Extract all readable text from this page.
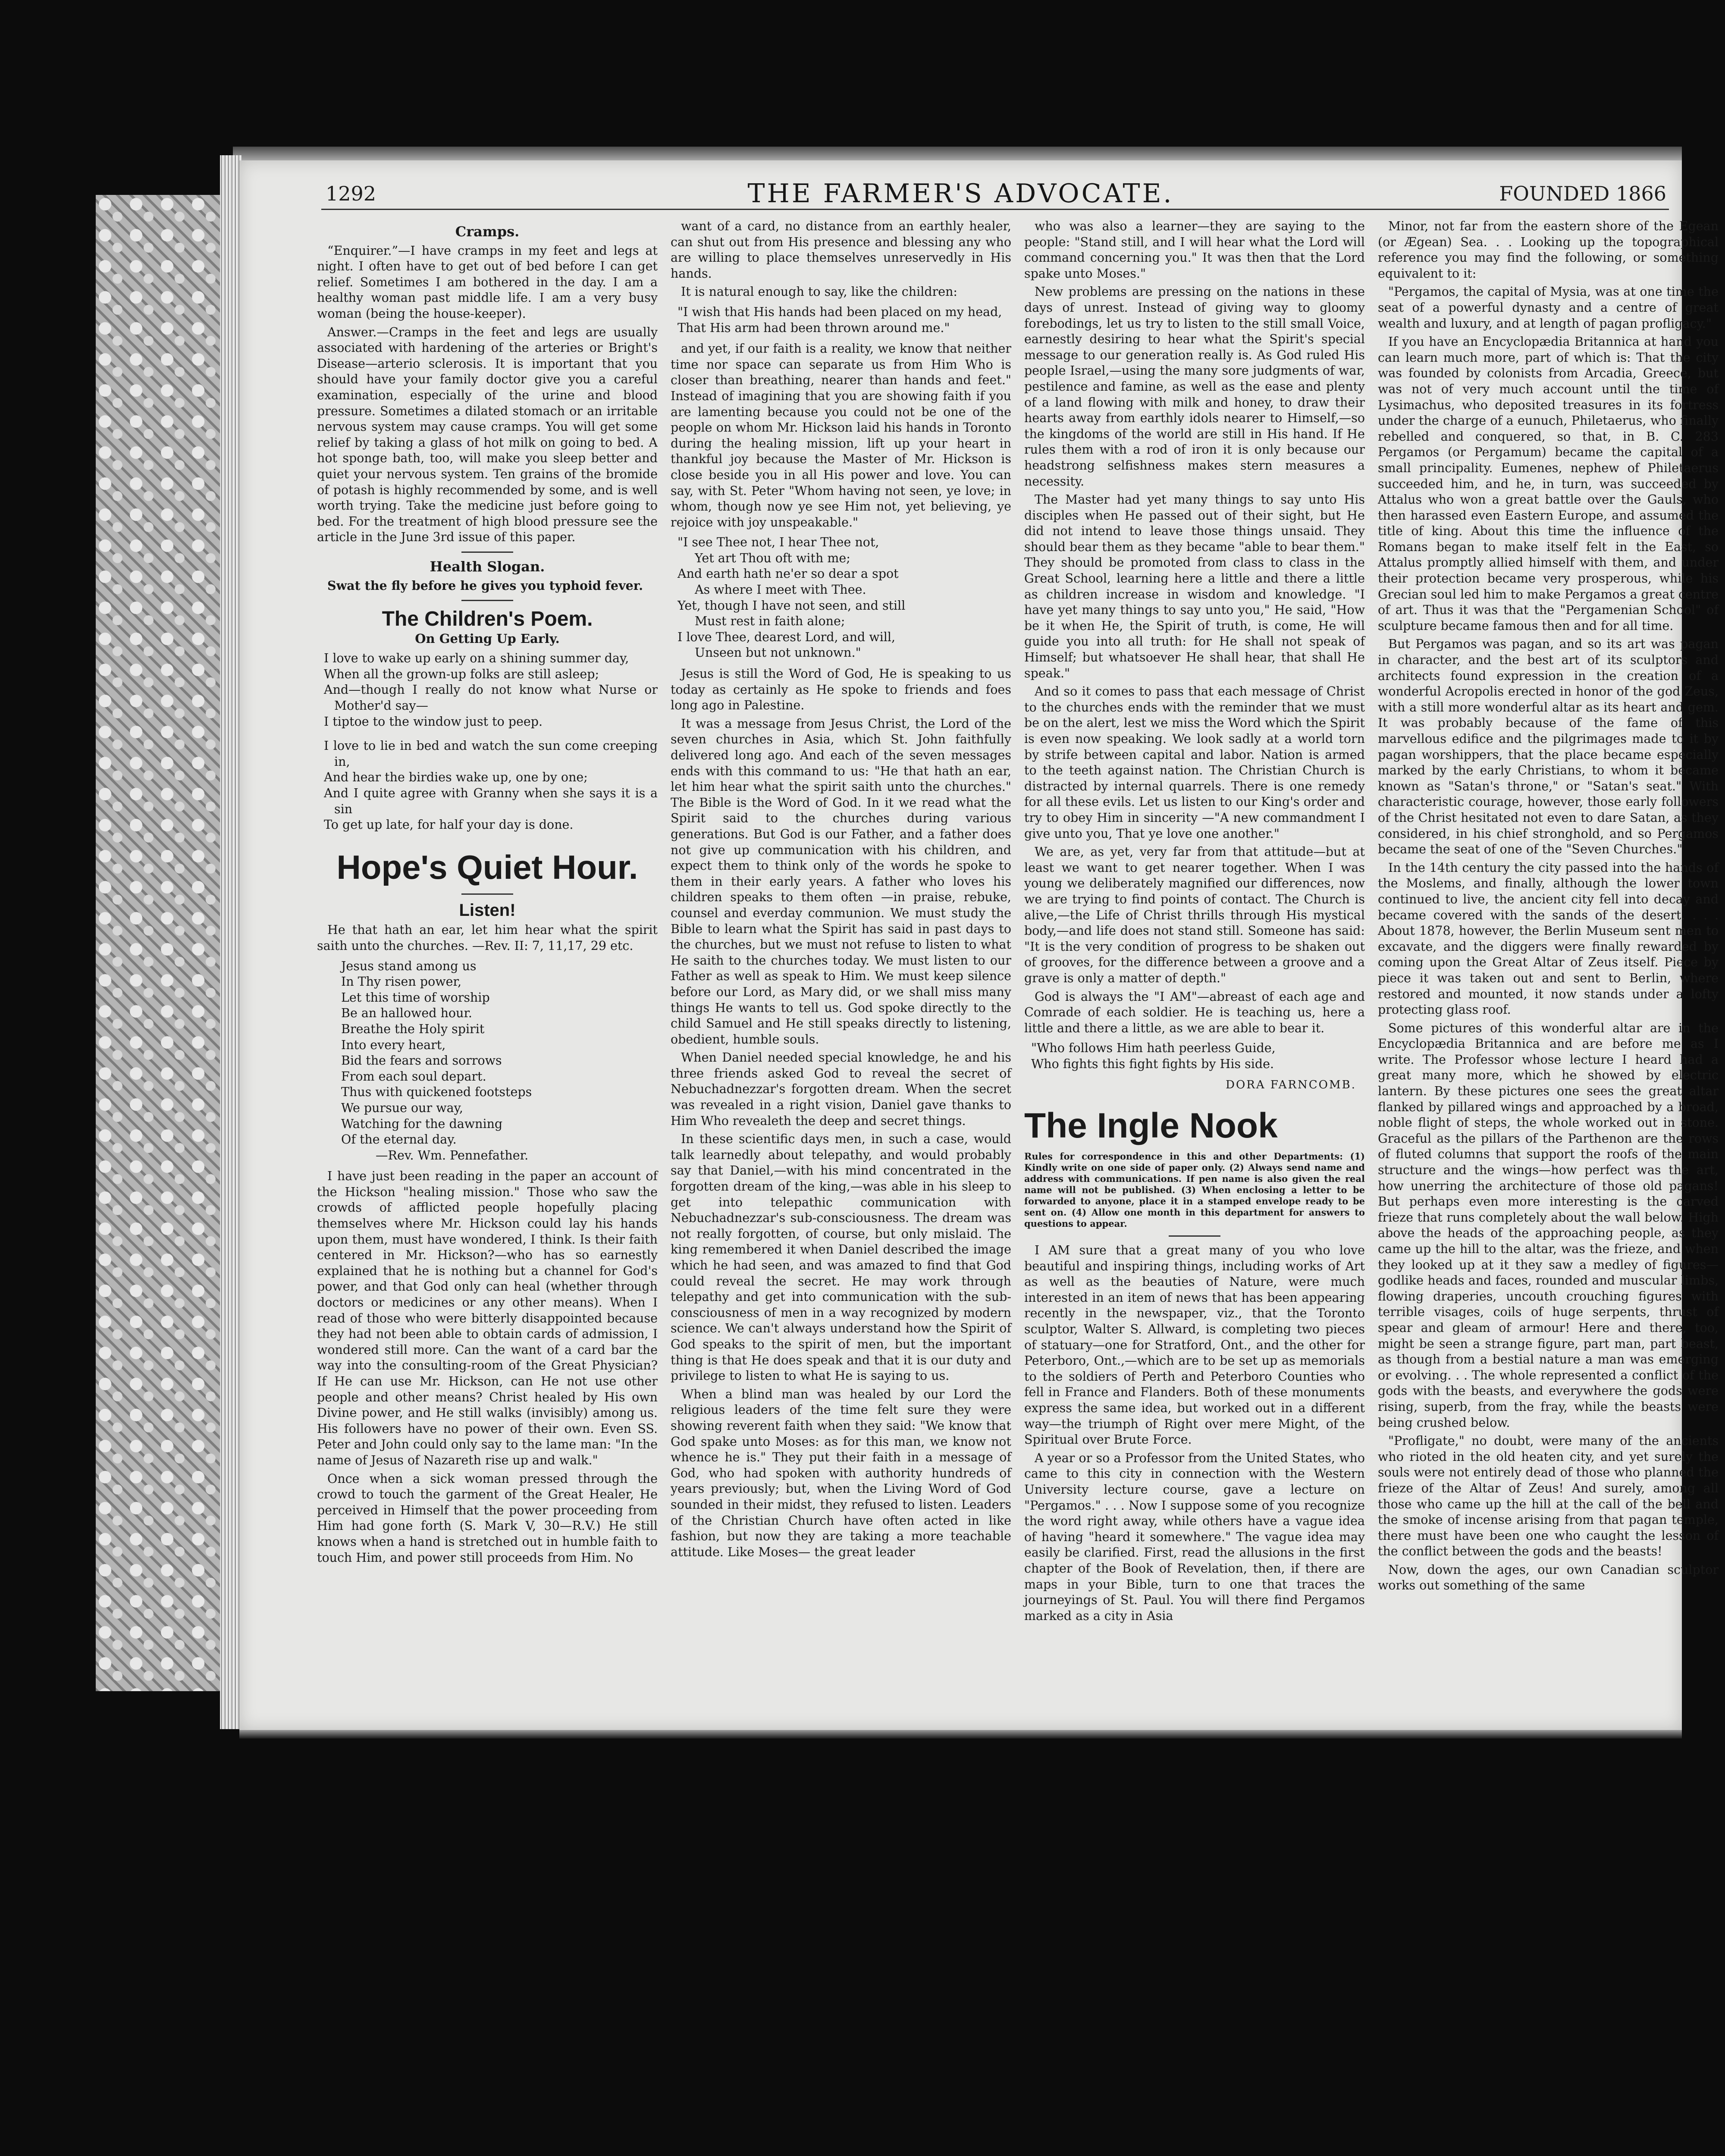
1292	THE FARMER'S ADVOCATE.	FOUNDED 1866
Cramps.

“Enquirer.”—I have cramps in my feet and legs at night. I often have to get out of bed before I can get relief. Sometimes I am bothered in the day. I am a healthy woman past middle life. I am a very busy woman (being the house-keeper).

Answer.—Cramps in the feet and legs are usually associated with hardening of the arteries or Bright's Disease—arterio sclerosis. It is important that you should have your family doctor give you a careful examination, especially of the urine and blood pressure. Sometimes a dilated stomach or an irritable nervous system may cause cramps. You will get some relief by taking a glass of hot milk on going to bed. A hot sponge bath, too, will make you sleep better and quiet your nervous system. Ten grains of the bromide of potash is highly recommended by some, and is well worth trying. Take the medicine just before going to bed. For the treatment of high blood pressure see the article in the June 3rd issue of this paper.

Health Slogan.

Swat the fly before he gives you typhoid fever.

The Children's Poem.
On Getting Up Early.
I love to wake up early on a shining summer day,
When all the grown-up folks are still asleep;
And—though I really do not know what Nurse or Mother'd say—
I tiptoe to the window just to peep.
I love to lie in bed and watch the sun come creeping in,
And hear the birdies wake up, one by one;
And I quite agree with Granny when she says it is a sin
To get up late, for half your day is done.
Hope's Quiet Hour.
Listen!

He that hath an ear, let him hear what the spirit saith unto the churches. —Rev. II: 7, 11,17, 29 etc.

Jesus stand among us
In Thy risen power,
Let this time of worship
Be an hallowed hour.
Breathe the Holy spirit
Into every heart,
Bid the fears and sorrows
From each soul depart.
Thus with quickened footsteps
We pursue our way,
Watching for the dawning
Of the eternal day.
—Rev. Wm. Pennefather.

I have just been reading in the paper an account of the Hickson "healing mission." Those who saw the crowds of afflicted people hopefully placing themselves where Mr. Hickson could lay his hands upon them, must have wondered, I think. Is their faith centered in Mr. Hickson?—who has so earnestly explained that he is nothing but a channel for God's power, and that God only can heal (whether through doctors or medicines or any other means). When I read of those who were bitterly disappointed because they had not been able to obtain cards of admission, I wondered still more. Can the want of a card bar the way into the consulting-room of the Great Physician? If He can use Mr. Hickson, can He not use other people and other means? Christ healed by His own Divine power, and He still walks (invisibly) among us. His followers have no power of their own. Even SS. Peter and John could only say to the lame man: "In the name of Jesus of Nazareth rise up and walk."

Once when a sick woman pressed through the crowd to touch the garment of the Great Healer, He perceived in Himself that the power proceeding from Him had gone forth (S. Mark V, 30—R.V.) He still knows when a hand is stretched out in humble faith to touch Him, and power still proceeds from Him. No

want of a card, no distance from an earthly healer, can shut out from His presence and blessing any who are willing to place themselves unreservedly in His hands.

It is natural enough to say, like the children:

"I wish that His hands had been placed on my head,
That His arm had been thrown around me."

and yet, if our faith is a reality, we know that neither time nor space can separate us from Him Who is closer than breathing, nearer than hands and feet." Instead of imagining that you are showing faith if you are lamenting because you could not be one of the people on whom Mr. Hickson laid his hands in Toronto during the healing mission, lift up your heart in thankful joy because the Master of Mr. Hickson is close beside you in all His power and love. You can say, with St. Peter "Whom having not seen, ye love; in whom, though now ye see Him not, yet believing, ye rejoice with joy unspeakable."

"I see Thee not, I hear Thee not,
Yet art Thou oft with me;
And earth hath ne'er so dear a spot
As where I meet with Thee.
Yet, though I have not seen, and still
Must rest in faith alone;
I love Thee, dearest Lord, and will,
Unseen but not unknown."

Jesus is still the Word of God, He is speaking to us today as certainly as He spoke to friends and foes long ago in Palestine.

It was a message from Jesus Christ, the Lord of the seven churches in Asia, which St. John faithfully delivered long ago. And each of the seven messages ends with this command to us: "He that hath an ear, let him hear what the spirit saith unto the churches." The Bible is the Word of God. In it we read what the Spirit said to the churches during various generations. But God is our Father, and a father does not give up communication with his children, and expect them to think only of the words he spoke to them in their early years. A father who loves his children speaks to them often —in praise, rebuke, counsel and everday communion. We must study the Bible to learn what the Spirit has said in past days to the churches, but we must not refuse to listen to what He saith to the churches today. We must listen to our Father as well as speak to Him. We must keep silence before our Lord, as Mary did, or we shall miss many things He wants to tell us. God spoke directly to the child Samuel and He still speaks directly to listening, obedient, humble souls.

When Daniel needed special knowledge, he and his three friends asked God to reveal the secret of Nebuchadnezzar's forgotten dream. When the secret was revealed in a right vision, Daniel gave thanks to Him Who revealeth the deep and secret things.

In these scientific days men, in such a case, would talk learnedly about telepathy, and would probably say that Daniel,—with his mind concentrated in the forgotten dream of the king,—was able in his sleep to get into telepathic communication with Nebuchadnezzar's sub-consciousness. The dream was not really forgotten, of course, but only mislaid. The king remembered it when Daniel described the image which he had seen, and was amazed to find that God could reveal the secret. He may work through telepathy and get into communication with the sub-consciousness of men in a way recognized by modern science. We can't always understand how the Spirit of God speaks to the spirit of men, but the important thing is that He does speak and that it is our duty and privilege to listen to what He is saying to us.

When a blind man was healed by our Lord the religious leaders of the time felt sure they were showing reverent faith when they said: "We know that God spake unto Moses: as for this man, we know not whence he is." They put their faith in a message of God, who had spoken with authority hundreds of years previously; but, when the Living Word of God sounded in their midst, they refused to listen. Leaders of the Christian Church have often acted in like fashion, but now they are taking a more teachable attitude. Like Moses— the great leader

who was also a learner—they are saying to the people: "Stand still, and I will hear what the Lord will command concerning you." It was then that the Lord spake unto Moses."

New problems are pressing on the nations in these days of unrest. Instead of giving way to gloomy forebodings, let us try to listen to the still small Voice, earnestly desiring to hear what the Spirit's special message to our generation really is. As God ruled His people Israel,—using the many sore judgments of war, pestilence and famine, as well as the ease and plenty of a land flowing with milk and honey, to draw their hearts away from earthly idols nearer to Himself,—so the kingdoms of the world are still in His hand. If He rules them with a rod of iron it is only because our headstrong selfishness makes stern measures a necessity.

The Master had yet many things to say unto His disciples when He passed out of their sight, but He did not intend to leave those things unsaid. They should bear them as they became "able to bear them." They should be promoted from class to class in the Great School, learning here a little and there a little as children increase in wisdom and knowledge. "I have yet many things to say unto you," He said, "How be it when He, the Spirit of truth, is come, He will guide you into all truth: for He shall not speak of Himself; but whatsoever He shall hear, that shall He speak."

And so it comes to pass that each message of Christ to the churches ends with the reminder that we must be on the alert, lest we miss the Word which the Spirit is even now speaking. We look sadly at a world torn by strife between capital and labor. Nation is armed to the teeth against nation. The Christian Church is distracted by internal quarrels. There is one remedy for all these evils. Let us listen to our King's order and try to obey Him in sincerity —"A new commandment I give unto you, That ye love one another."

We are, as yet, very far from that attitude—but at least we want to get nearer together. When I was young we deliberately magnified our differences, now we are trying to find points of contact. The Church is alive,—the Life of Christ thrills through His mystical body,—and life does not stand still. Someone has said: "It is the very condition of progress to be shaken out of grooves, for the difference between a groove and a grave is only a matter of depth."

God is always the "I AM"—abreast of each age and Comrade of each soldier. He is teaching us, here a little and there a little, as we are able to bear it.

"Who follows Him hath peerless Guide,
Who fights this fight fights by His side.
DORA FARNCOMB.
The Ingle Nook
Rules for correspondence in this and other Departments: (1) Kindly write on one side of paper only. (2) Always send name and address with communications. If pen name is also given the real name will not be published. (3) When enclosing a letter to be forwarded to anyone, place it in a stamped envelope ready to be sent on. (4) Allow one month in this department for answers to questions to appear.

I AM sure that a great many of you who love beautiful and inspiring things, including works of Art as well as the beauties of Nature, were much interested in an item of news that has been appearing recently in the newspaper, viz., that the Toronto sculptor, Walter S. Allward, is completing two pieces of statuary—one for Stratford, Ont., and the other for Peterboro, Ont.,—which are to be set up as memorials to the soldiers of Perth and Peterboro Counties who fell in France and Flanders. Both of these monuments express the same idea, but worked out in a different way—the triumph of Right over mere Might, of the Spiritual over Brute Force.

A year or so a Professor from the United States, who came to this city in connection with the Western University lecture course, gave a lecture on "Pergamos." . . . Now I suppose some of you recognize the word right away, while others have a vague idea of having "heard it somewhere." The vague idea may easily be clarified. First, read the allusions in the first chapter of the Book of Revelation, then, if there are maps in your Bible, turn to one that traces the journeyings of St. Paul. You will there find Pergamos marked as a city in Asia

Minor, not far from the eastern shore of the Egean (or Ægean) Sea. . . Looking up the topographical reference you may find the following, or something equivalent to it:

"Pergamos, the capital of Mysia, was at one time the seat of a powerful dynasty and a centre of great wealth and luxury, and at length of pagan profligacy."

If you have an Encyclopædia Britannica at hand you can learn much more, part of which is: That the city was founded by colonists from Arcadia, Greece, but was not of very much account until the time of Lysimachus, who deposited treasures in its fortress under the charge of a eunuch, Philetaerus, who finally rebelled and conquered, so that, in B. C. 283 Pergamos (or Pergamum) became the capital of a small principality. Eumenes, nephew of Philetaerus succeeded him, and he, in turn, was succeeded by Attalus who won a great battle over the Gauls, who then harassed even Eastern Europe, and assumed the title of king. About this time the influence of the Romans began to make itself felt in the East, so Attalus promptly allied himself with them, and under their protection became very prosperous, while his Grecian soul led him to make Pergamos a great centre of art. Thus it was that the "Pergamenian School" of sculpture became famous then and for all time.

But Pergamos was pagan, and so its art was pagan in character, and the best art of its sculptors and architects found expression in the creation of a wonderful Acropolis erected in honor of the god Zeus, with a still more wonderful altar as its heart and gem. It was probably because of the fame of this marvellous edifice and the pilgrimages made to it by pagan worshippers, that the place became especially marked by the early Christians, to whom it became known as "Satan's throne," or "Satan's seat." With characteristic courage, however, those early followers of the Christ hesitated not even to dare Satan, as they considered, in his chief stronghold, and so Pergamos became the seat of one of the "Seven Churches."

In the 14th century the city passed into the hands of the Moslems, and finally, although the lower town continued to live, the ancient city fell into decay and became covered with the sands of the desert. . . . About 1878, however, the Berlin Museum sent men to excavate, and the diggers were finally rewarded by coming upon the Great Altar of Zeus itself. Piece by piece it was taken out and sent to Berlin, where restored and mounted, it now stands under a lofty protecting glass roof.

Some pictures of this wonderful altar are in the Encyclopædia Britannica and are before me as I write. The Professor whose lecture I heard had a great many more, which he showed by electric lantern. By these pictures one sees the great altar flanked by pillared wings and approached by a broad, noble flight of steps, the whole worked out in stone. Graceful as the pillars of the Parthenon are the rows of fluted columns that support the roofs of the main structure and the wings—how perfect was the art, how unerring the architecture of those old pagans! But perhaps even more interesting is the carved frieze that runs completely about the wall below. High above the heads of the approaching people, as they came up the hill to the altar, was the frieze, and when they looked up at it they saw a medley of figures—godlike heads and faces, rounded and muscular limbs, flowing draperies, uncouth crouching figures with terrible visages, coils of huge serpents, thrust of spear and gleam of armour! Here and there, too, might be seen a strange figure, part man, part beast, as though from a bestial nature a man was emerging or evolving. . . The whole represented a conflict of the gods with the beasts, and everywhere the gods were rising, superb, from the fray, while the beasts were being crushed below.

"Profligate," no doubt, were many of the ancients who rioted in the old heaten city, and yet surely the souls were not entirely dead of those who planned the frieze of the Altar of Zeus! And surely, among all those who came up the hill at the call of the bell and the smoke of incense arising from that pagan temple, there must have been one who caught the lesson of the conflict between the gods and the beasts!

Now, down the ages, our own Canadian sculptor works out something of the same
